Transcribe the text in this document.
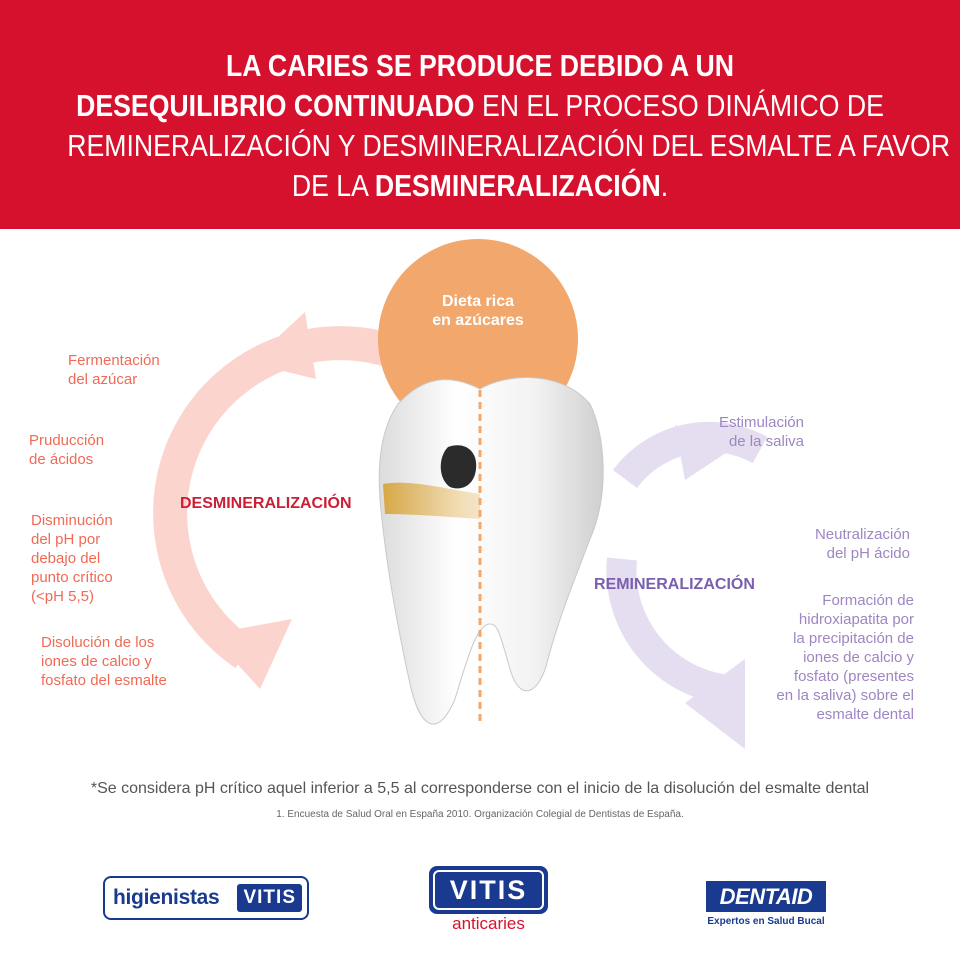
LA CARIES SE PRODUCE DEBIDO A UN
DESEQUILIBRIO CONTINUADO EN EL PROCESO DINÁMICO DE
REMINERALIZACIÓN Y DESMINERALIZACIÓN DEL ESMALTE A FAVOR
DE LA DESMINERALIZACIÓN.
Dieta rica
en azúcares
Fermentación
del azúcar
Pruducción
de ácidos
Disminución
del pH por
debajo del
punto crítico
(<pH 5,5)
Disolución de los
iones de calcio y
fosfato del esmalte
DESMINERALIZACIÓN
Estimulación
de la saliva
Neutralización
del pH ácido
Formación de
hidroxiapatita por
la precipitación de
iones de calcio y
fosfato (presentes
en la saliva) sobre el
esmalte dental
REMINERALIZACIÓN
*Se considera pH crítico aquel inferior a 5,5 al corresponderse con el inicio de la disolución del esmalte dental
1. Encuesta de Salud Oral en España 2010. Organización Colegial de Dentistas de España.
higienistas	VITIS	VITIS
anticaries
DENTAID
Expertos en Salud Bucal
